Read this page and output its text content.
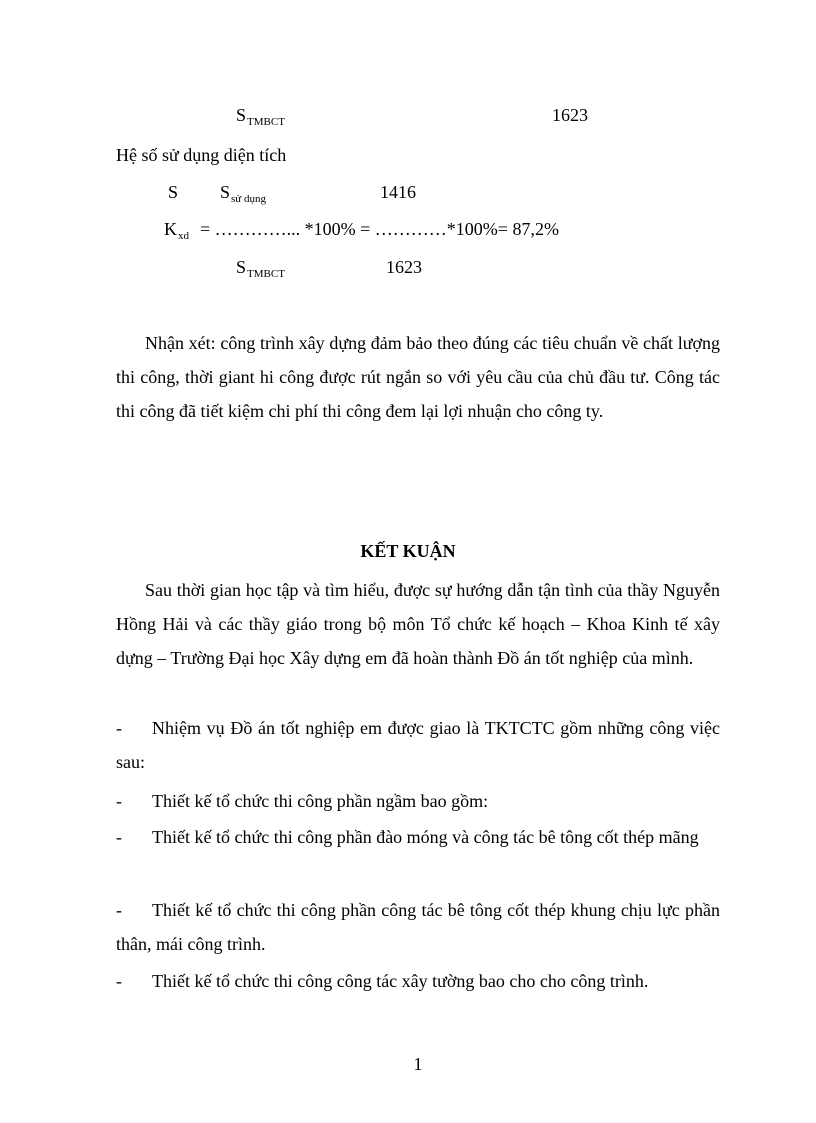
$S_{TMBCT}$	1623
Hệ số sử dụng diện tích
S $S_{sử dụng}$	1416
$K_{xd}$ = …………... *100% = …………*100%= 87,2%
$S_{TMBCT}$	1623
Nhận xét: công trình xây dựng đảm bảo theo đúng các tiêu chuẩn về chất lượng thi công, thời giant hi công được rút ngắn so với yêu cầu của chủ đầu tư. Công tác thi công đã tiết kiệm chi phí thi công đem lại lợi nhuận cho công ty.
KẾT KUẬN
Sau thời gian học tập và tìm hiểu, được sự hướng dẫn tận tình của thầy Nguyễn Hồng Hải và các thầy giáo trong bộ môn Tổ chức kế hoạch – Khoa Kinh tế xây dựng – Trường Đại học Xây dựng em đã hoàn thành Đồ án tốt nghiệp của mình.
- Nhiệm vụ Đồ án tốt nghiệp em được giao là TKTCTC gồm những công việc sau:
- Thiết kế tổ chức thi công phần ngầm bao gồm:
- Thiết kế tổ chức thi công phần đào móng và công tác bê tông cốt thép mãng
- Thiết kế tổ chức thi công phần công tác bê tông cốt thép khung chịu lực phần thân, mái công trình.
- Thiết kế tổ chức thi công công tác xây tường bao cho cho công trình.
1
